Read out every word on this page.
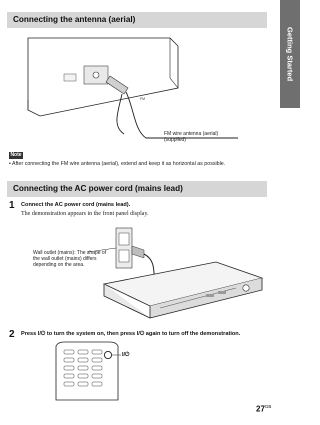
Getting Started
Connecting the antenna (aerial)
FM
FM wire antenna (aerial)
(supplied)
Note
• After connecting the FM wire antenna (aerial), extend and keep it as horizontal as possible.
Connecting the AC power cord (mains lead)
1 Connect the AC power cord (mains lead).
The demonstration appears in the front panel display.
Wall outlet (mains): The shape of
the wall outlet (mains) differs
depending on the area.
2 Press I/⏻ to turn the system on, then press I/⏻ again to turn off the demonstration.
I/⏻
$27^{GB}$
